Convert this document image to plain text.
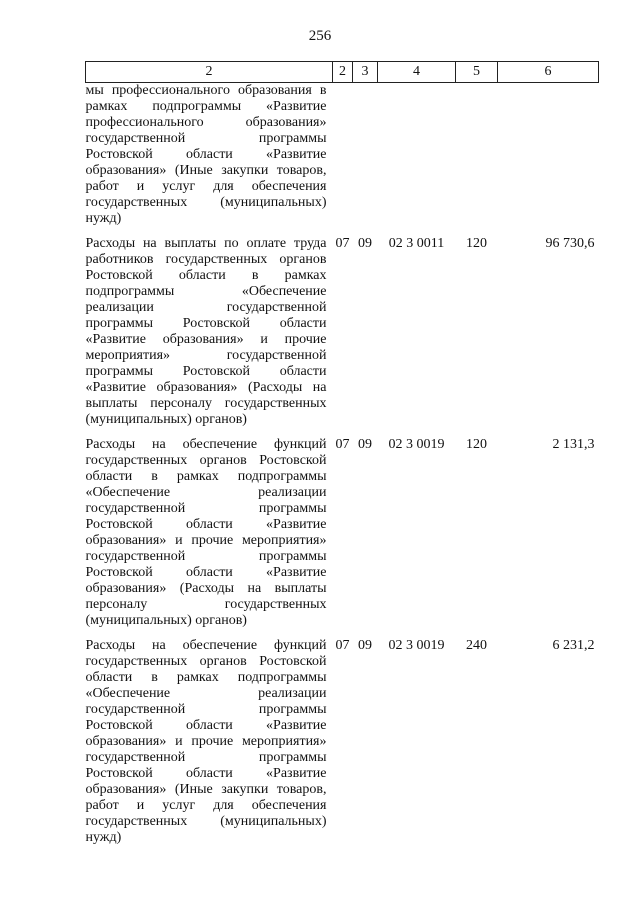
256
2	2	3	4	5	6
мы профессионального образования в рамках подпрограммы «Развитие профессионального образования» государственной программы Ростовской области «Развитие образования» (Иные закупки товаров, работ и услуг для обеспечения государственных (муниципальных) нужд)					
Расходы на выплаты по оплате труда работников государственных органов Ростовской области в рамках подпрограммы «Обеспечение реализации государственной программы Ростовской области «Развитие образования» и прочие мероприятия» государственной программы Ростовской области «Развитие образования» (Расходы на выплаты персоналу государственных (муниципальных) органов)	07	09	02 3 0011	120	96 730,6
Расходы на обеспечение функций государственных органов Ростовской области в рамках подпрограммы «Обеспечение реализации государственной программы Ростовской области «Развитие образования» и прочие мероприятия» государственной программы Ростовской области «Развитие образования» (Расходы на выплаты персоналу государственных (муниципальных) органов)	07	09	02 3 0019	120	2 131,3
Расходы на обеспечение функций государственных органов Ростовской области в рамках подпрограммы «Обеспечение реализации государственной программы Ростовской области «Развитие образования» и прочие мероприятия» государственной программы Ростовской области «Развитие образования» (Иные закупки товаров, работ и услуг для обеспечения государственных (муниципальных) нужд)	07	09	02 3 0019	240	6 231,2
